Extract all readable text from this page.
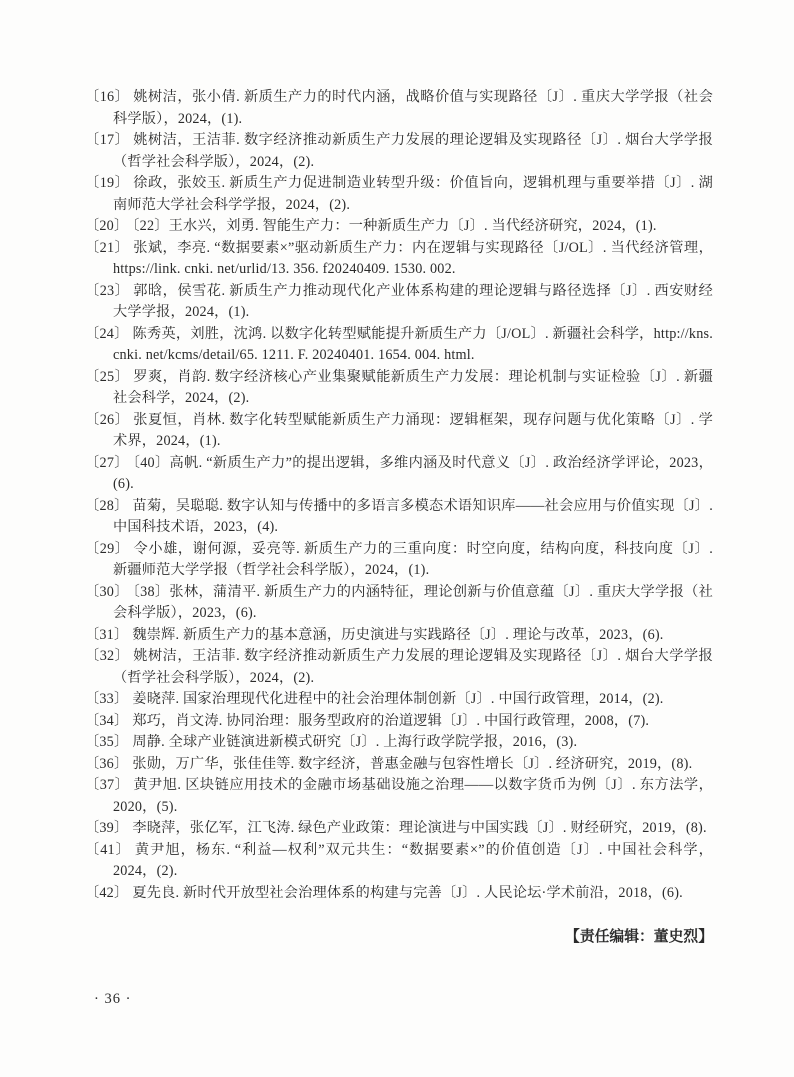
〔16〕 姚树洁，张小倩. 新质生产力的时代内涵，战略价值与实现路径〔J〕. 重庆大学学报（社会科学版），2024，(1).

〔17〕 姚树洁，王洁菲. 数字经济推动新质生产力发展的理论逻辑及实现路径〔J〕. 烟台大学学报（哲学社会科学版），2024，(2).

〔19〕 徐政，张姣玉. 新质生产力促进制造业转型升级：价值旨向，逻辑机理与重要举措〔J〕. 湖南师范大学社会科学学报，2024，(2).

〔20〕 〔22〕王水兴，刘勇. 智能生产力：一种新质生产力〔J〕. 当代经济研究，2024，(1).

〔21〕 张斌，李亮. “数据要素×”驱动新质生产力：内在逻辑与实现路径〔J/OL〕. 当代经济管理，https://link. cnki. net/urlid/13. 356. f20240409. 1530. 002.

〔23〕 郭晗，侯雪花. 新质生产力推动现代化产业体系构建的理论逻辑与路径选择〔J〕. 西安财经大学学报，2024，(1).

〔24〕 陈秀英，刘胜，沈鸿. 以数字化转型赋能提升新质生产力〔J/OL〕. 新疆社会科学，http://kns. cnki. net/kcms/detail/65. 1211. F. 20240401. 1654. 004. html.

〔25〕 罗爽，肖韵. 数字经济核心产业集聚赋能新质生产力发展：理论机制与实证检验〔J〕. 新疆社会科学，2024，(2).

〔26〕 张夏恒，肖林. 数字化转型赋能新质生产力涌现：逻辑框架，现存问题与优化策略〔J〕. 学术界，2024，(1).

〔27〕 〔40〕高帆. “新质生产力”的提出逻辑，多维内涵及时代意义〔J〕. 政治经济学评论，2023，(6).

〔28〕 苗菊，吴聪聪. 数字认知与传播中的多语言多模态术语知识库——社会应用与价值实现〔J〕. 中国科技术语，2023，(4).

〔29〕 令小雄，谢何源，妥亮等. 新质生产力的三重向度：时空向度，结构向度，科技向度〔J〕. 新疆师范大学学报（哲学社会科学版），2024，(1).

〔30〕 〔38〕张林，蒲清平. 新质生产力的内涵特征，理论创新与价值意蕴〔J〕. 重庆大学学报（社会科学版），2023，(6).

〔31〕 魏崇辉. 新质生产力的基本意涵，历史演进与实践路径〔J〕. 理论与改革，2023，(6).

〔32〕 姚树洁，王洁菲. 数字经济推动新质生产力发展的理论逻辑及实现路径〔J〕. 烟台大学学报（哲学社会科学版），2024，(2).

〔33〕 姜晓萍. 国家治理现代化进程中的社会治理体制创新〔J〕. 中国行政管理，2014，(2).

〔34〕 郑巧，肖文涛. 协同治理：服务型政府的治道逻辑〔J〕. 中国行政管理，2008，(7).

〔35〕 周静. 全球产业链演进新模式研究〔J〕. 上海行政学院学报，2016，(3).

〔36〕 张勋，万广华，张佳佳等. 数字经济，普惠金融与包容性增长〔J〕. 经济研究，2019，(8).

〔37〕 黄尹旭. 区块链应用技术的金融市场基础设施之治理——以数字货币为例〔J〕. 东方法学，2020，(5).

〔39〕 李晓萍，张亿军，江飞涛. 绿色产业政策：理论演进与中国实践〔J〕. 财经研究，2019，(8).

〔41〕 黄尹旭，杨东. “利益—权利”双元共生：“数据要素×”的价值创造〔J〕. 中国社会科学，2024，(2).

〔42〕 夏先良. 新时代开放型社会治理体系的构建与完善〔J〕. 人民论坛·学术前沿，2018，(6).

【责任编辑：董史烈】
· 36 ·
